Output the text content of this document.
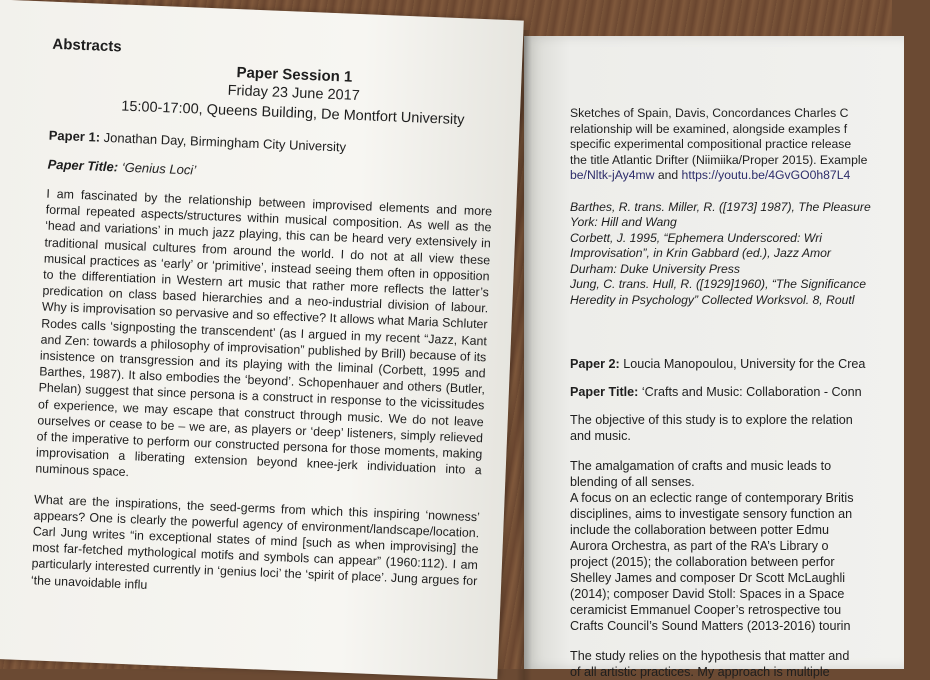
Sketches of Spain, Davis, Concordances Charles C
relationship will be examined, alongside examples f
specific experimental compositional practice release
the title Atlantic Drifter (Niimiika/Proper 2015). Example
be/Nltk-jAy4mw and https://youtu.be/4GvGO0h87L4
Barthes, R. trans. Miller, R. ([1973] 1987), The Pleasure
York: Hill and Wang
Corbett, J. 1995, “Ephemera Underscored: Wri
Improvisation”, in Krin Gabbard (ed.), Jazz Amor
Durham: Duke University Press
Jung, C. trans. Hull, R. ([1929]1960), “The Significance
Heredity in Psychology” Collected Worksvol. 8, Routl
Paper 2: Loucia Manopoulou, University for the Crea
Paper Title: ‘Crafts and Music: Collaboration - Conn
The objective of this study is to explore the relation
and music.
The amalgamation of crafts and music leads to
blending of all senses.
A focus on an eclectic range of contemporary Britis
disciplines, aims to investigate sensory function an
include the collaboration between potter Edmu
Aurora Orchestra, as part of the RA’s Library o
project (2015); the collaboration between perfor
Shelley James and composer Dr Scott McLaughli
(2014); composer David Stoll: Spaces in a Space
ceramicist Emmanuel Cooper’s retrospective tou
Crafts Council’s Sound Matters (2013-2016) tourin
The study relies on the hypothesis that matter and
of all artistic practices. My approach is multiple
Abstracts
Paper Session 1
Friday 23 June 2017
15:00-17:00, Queens Building, De Montfort University
Paper 1: Jonathan Day, Birmingham City University
Paper Title: ‘Genius Loci’

I am fascinated by the relationship between improvised elements and more formal repeated aspects/structures within musical composition. As well as the ‘head and variations’ in much jazz playing, this can be heard very extensively in traditional musical cultures from around the world. I do not at all view these musical practices as ‘early’ or ‘primitive’, instead seeing them often in opposition to the differentiation in Western art music that rather more reflects the latter’s predication on class based hierarchies and a neo-industrial division of labour. Why is improvisation so pervasive and so effective? It allows what Maria Schluter Rodes calls ‘signposting the transcendent’ (as I argued in my recent “Jazz, Kant and Zen: towards a philosophy of improvisation” published by Brill) because of its insistence on transgression and its playing with the liminal (Corbett, 1995 and Barthes, 1987). It also embodies the ‘beyond’. Schopenhauer and others (Butler, Phelan) suggest that since persona is a construct in response to the vicissitudes of experience, we may escape that construct through music. We do not leave ourselves or cease to be – we are, as players or ‘deep’ listeners, simply relieved of the imperative to perform our constructed persona for those moments, making improvisation a liberating extension beyond knee-jerk individuation into a numinous space.

What are the inspirations, the seed-germs from which this inspiring ‘nowness’ appears? One is clearly the powerful agency of environment/landscape/location. Carl Jung writes “in exceptional states of mind [such as when improvising] the most far-fetched mythological motifs and symbols can appear” (1960:112). I am particularly interested currently in ‘genius loci’ the ‘spirit of place’. Jung argues for ‘the unavoidable influ
